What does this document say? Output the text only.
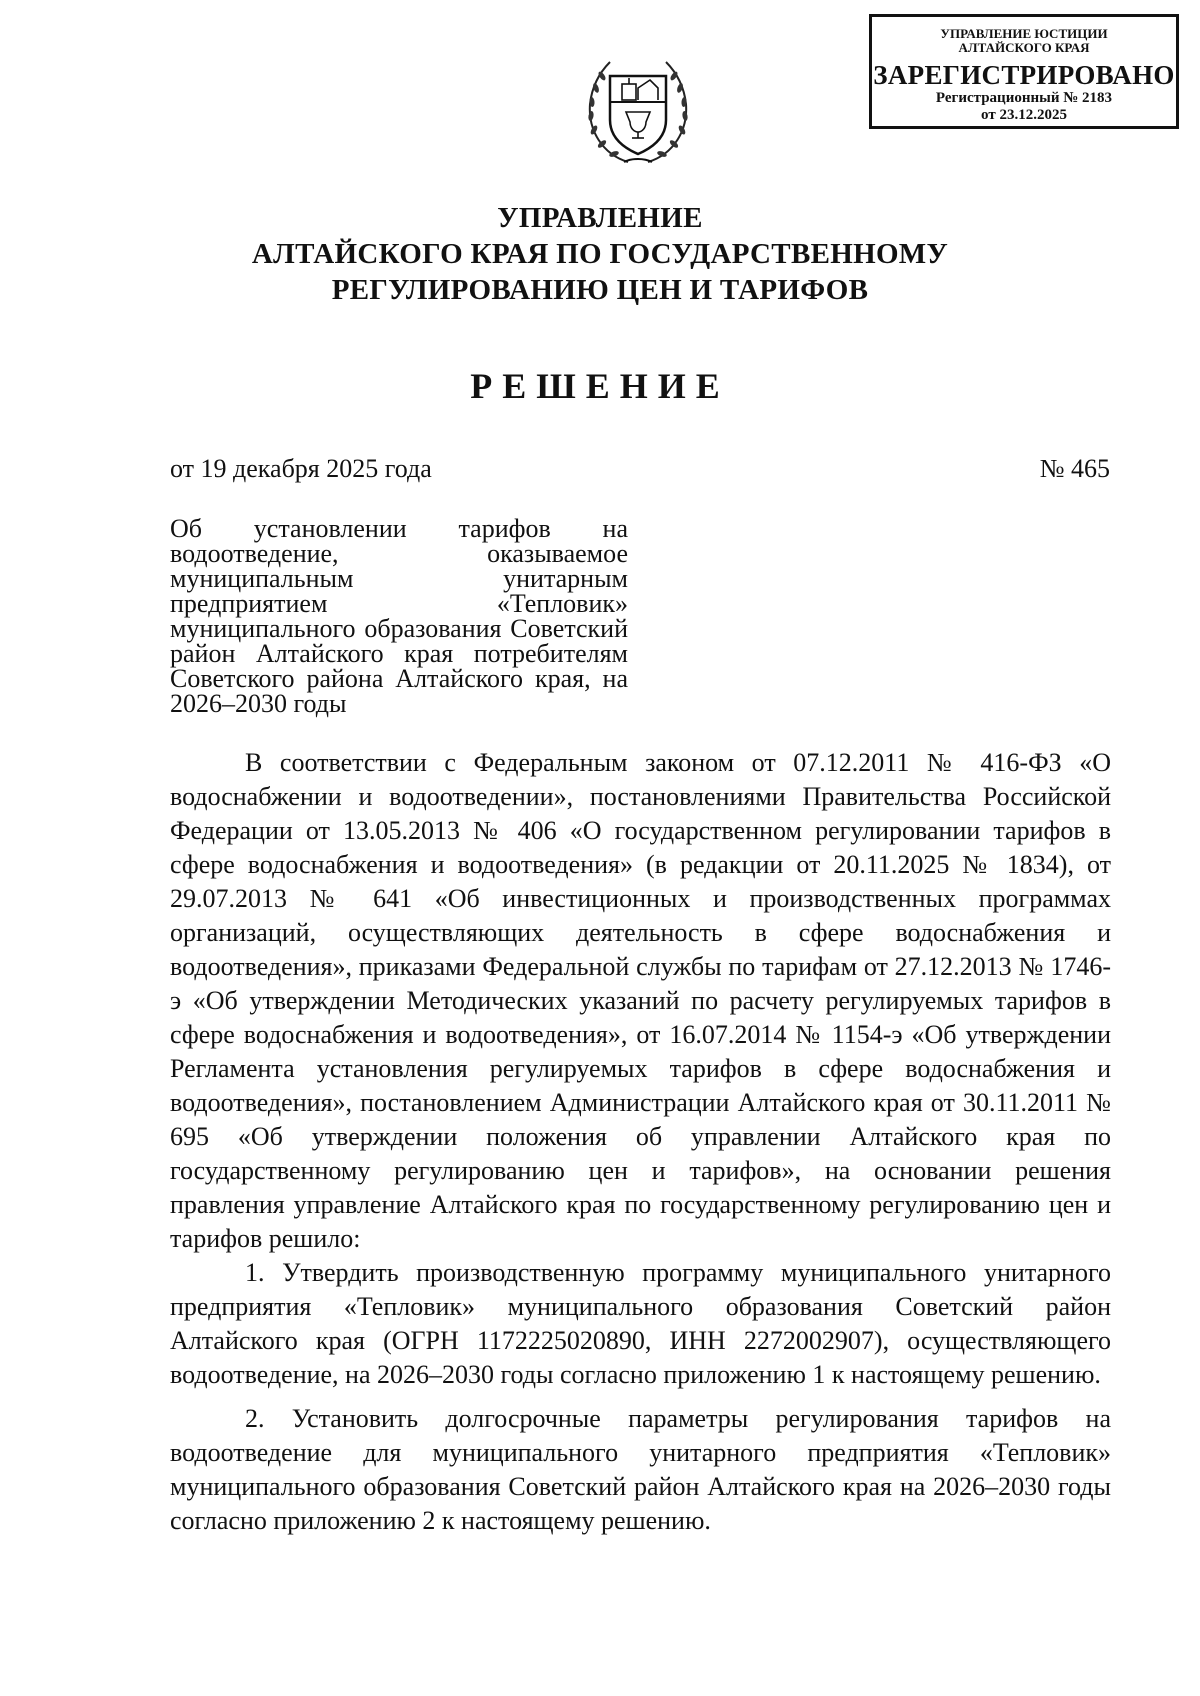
УПРАВЛЕНИЕ ЮСТИЦИИ
АЛТАЙСКОГО КРАЯ
ЗАРЕГИСТРИРОВАНО
Регистрационный № 2183
от 23.12.2025
УПРАВЛЕНИЕ
АЛТАЙСКОГО КРАЯ ПО ГОСУДАРСТВЕННОМУ
РЕГУЛИРОВАНИЮ ЦЕН И ТАРИФОВ
РЕШЕНИЕ
от 19 декабря 2025 года	№ 465
Об установлении тарифов на водоотведение, оказываемое муниципальным унитарным предприятием «Тепловик» муниципального образования Советский район Алтайского края потребителям Советского района Алтайского края, на 2026–2030 годы

В соответствии с Федеральным законом от 07.12.2011 № 416-ФЗ «О водоснабжении и водоотведении», постановлениями Правительства Российской Федерации от 13.05.2013 № 406 «О государственном регулировании тарифов в сфере водоснабжения и водоотведения» (в редакции от 20.11.2025 № 1834), от 29.07.2013 № 641 «Об инвестиционных и производственных программах организаций, осуществляющих деятельность в сфере водоснабжения и водоотведения», приказами Федеральной службы по тарифам от 27.12.2013 № 1746-э «Об утверждении Методических указаний по расчету регулируемых тарифов в сфере водоснабжения и водоотведения», от 16.07.2014 № 1154-э «Об утверждении Регламента установления регулируемых тарифов в сфере водоснабжения и водоотведения», постановлением Администрации Алтайского края от 30.11.2011 № 695 «Об утверждении положения об управлении Алтайского края по государственному регулированию цен и тарифов», на основании решения правления управление Алтайского края по государственному регулированию цен и тарифов решило:

1. Утвердить производственную программу муниципального унитарного предприятия «Тепловик» муниципального образования Советский район Алтайского края (ОГРН 1172225020890, ИНН 2272002907), осуществляющего водоотведение, на 2026–2030 годы согласно приложению 1 к настоящему решению.

2. Установить долгосрочные параметры регулирования тарифов на водоотведение для муниципального унитарного предприятия «Тепловик» муниципального образования Советский район Алтайского края на 2026–2030 годы согласно приложению 2 к настоящему решению.
